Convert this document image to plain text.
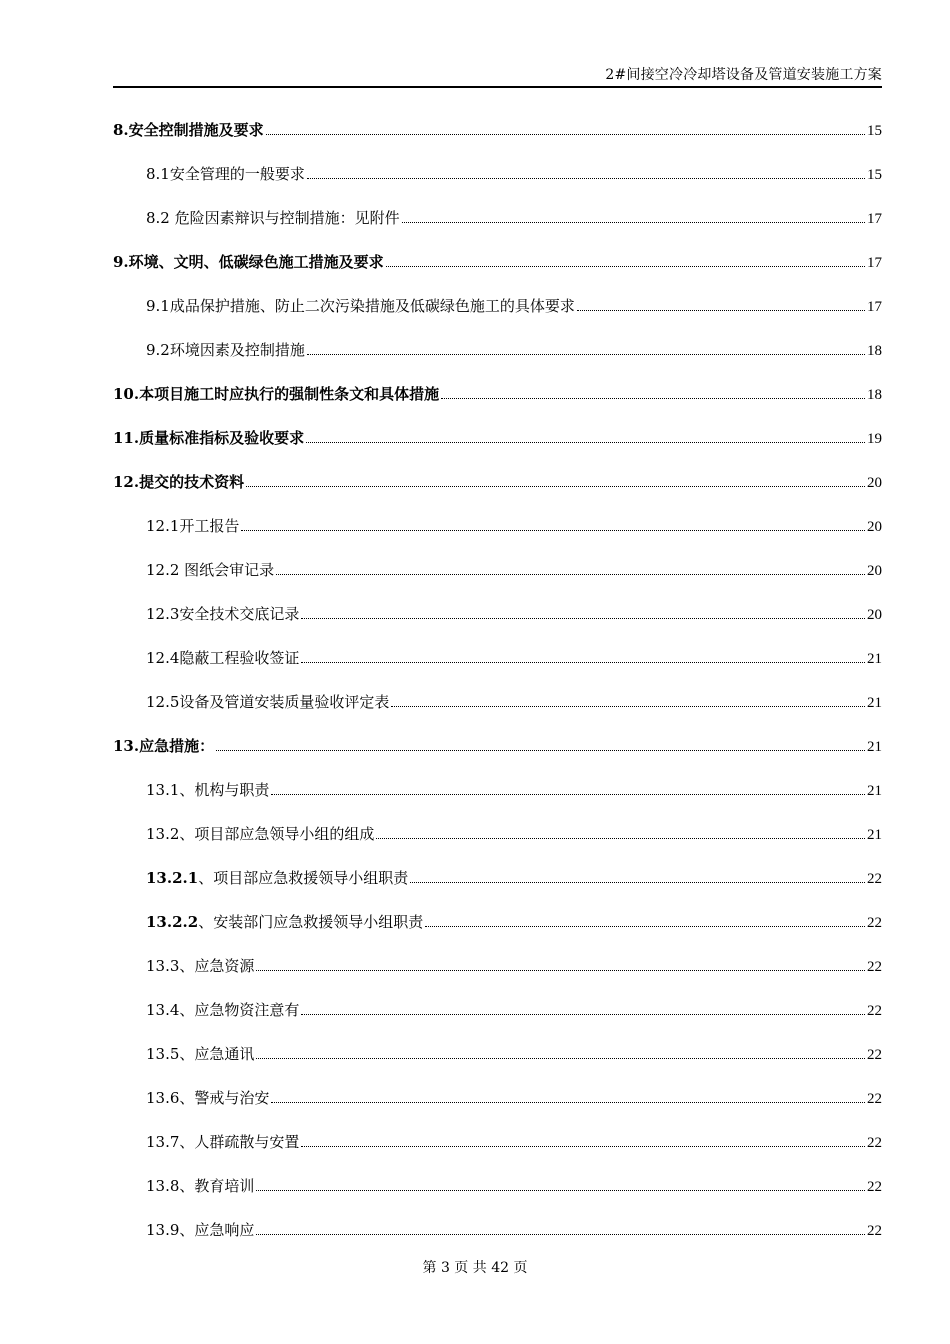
2#间接空冷冷却塔设备及管道安装施工方案
8.安全控制措施及要求	15
8.1安全管理的一般要求	15
8.2 危险因素辩识与控制措施：见附件	17
9.环境、文明、低碳绿色施工措施及要求	17
9.1成品保护措施、防止二次污染措施及低碳绿色施工的具体要求	17
9.2环境因素及控制措施	18
10.本项目施工时应执行的强制性条文和具体措施	18
11.质量标准指标及验收要求	19
12.提交的技术资料	20
12.1开工报告	20
12.2 图纸会审记录	20
12.3安全技术交底记录	20
12.4隐蔽工程验收签证	21
12.5设备及管道安装质量验收评定表	21
13.应急措施：	21
13.1、机构与职责	21
13.2、项目部应急领导小组的组成	21
13.2.1、项目部应急救援领导小组职责	22
13.2.2、安装部门应急救援领导小组职责	22
13.3、应急资源	22
13.4、应急物资注意有	22
13.5、应急通讯	22
13.6、警戒与治安	22
13.7、人群疏散与安置	22
13.8、教育培训	22
13.9、应急响应	22
第 3 页 共 42 页
